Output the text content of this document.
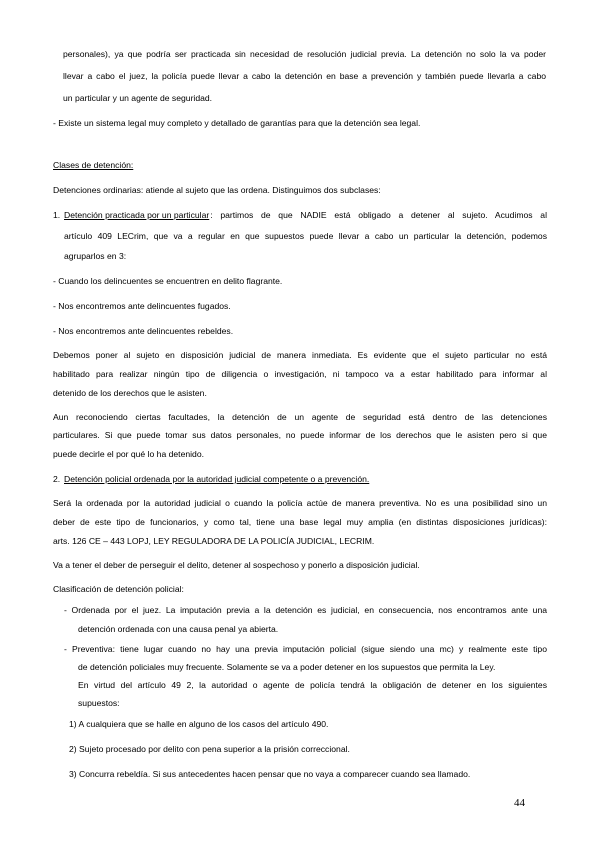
personales), ya que podría ser practicada sin necesidad de resolución judicial previa. La detención no solo la va poder
llevar a cabo el juez, la policía puede llevar a cabo la detención en base a prevención y también puede llevarla a cabo
un particular y un agente de seguridad.
- Existe un sistema legal muy completo y detallado de garantías para que la detención sea legal.
Clases de detención:
Detenciones ordinarias: atiende al sujeto que las ordena. Distinguimos dos subclases:
1. Detención practicada por un particular : partimos de que NADIE está obligado a detener al sujeto. Acudimos al
artículo 409 LECrim, que va a regular en que supuestos puede llevar a cabo un particular la detención, podemos
agruparlos en 3:
- Cuando los delincuentes se encuentren en delito flagrante.
- Nos encontremos ante delincuentes fugados.
- Nos encontremos ante delincuentes rebeldes.
Debemos poner al sujeto en disposición judicial de manera inmediata. Es evidente que el sujeto particular no está
habilitado para realizar ningún tipo de diligencia o investigación, ni tampoco va a estar habilitado para informar al
detenido de los derechos que le asisten.
Aun reconociendo ciertas facultades, la detención de un agente de seguridad está dentro de las detenciones
particulares. Si que puede tomar sus datos personales, no puede informar de los derechos que le asisten pero si que
puede decirle el por qué lo ha detenido.
2. Detención policial ordenada por la autoridad judicial competente o a prevención.
Será la ordenada por la autoridad judicial o cuando la policía actúe de manera preventiva. No es una posibilidad sino un
deber de este tipo de funcionarios, y como tal, tiene una base legal muy amplia (en distintas disposiciones jurídicas):
arts. 126 CE – 443 LOPJ, LEY REGULADORA DE LA POLICÍA JUDICIAL, LECRIM.
Va a tener el deber de perseguir el delito, detener al sospechoso y ponerlo a disposición judicial.
Clasificación de detención policial:
- Ordenada por el juez. La imputación previa a la detención es judicial, en consecuencia, nos encontramos ante una
detención ordenada con una causa penal ya abierta.
- Preventiva: tiene lugar cuando no hay una previa imputación policial (sigue siendo una mc) y realmente este tipo
de detención policiales muy frecuente. Solamente se va a poder detener en los supuestos que permita la Ley.
En virtud del artículo 49 2, la autoridad o agente de policía tendrá la obligación de detener en los siguientes
supuestos:
1) A cualquiera que se halle en alguno de los casos del artículo 490.
2) Sujeto procesado por delito con pena superior a la prisión correccional.
3) Concurra rebeldía. Si sus antecedentes hacen pensar que no vaya a comparecer cuando sea llamado.
44
